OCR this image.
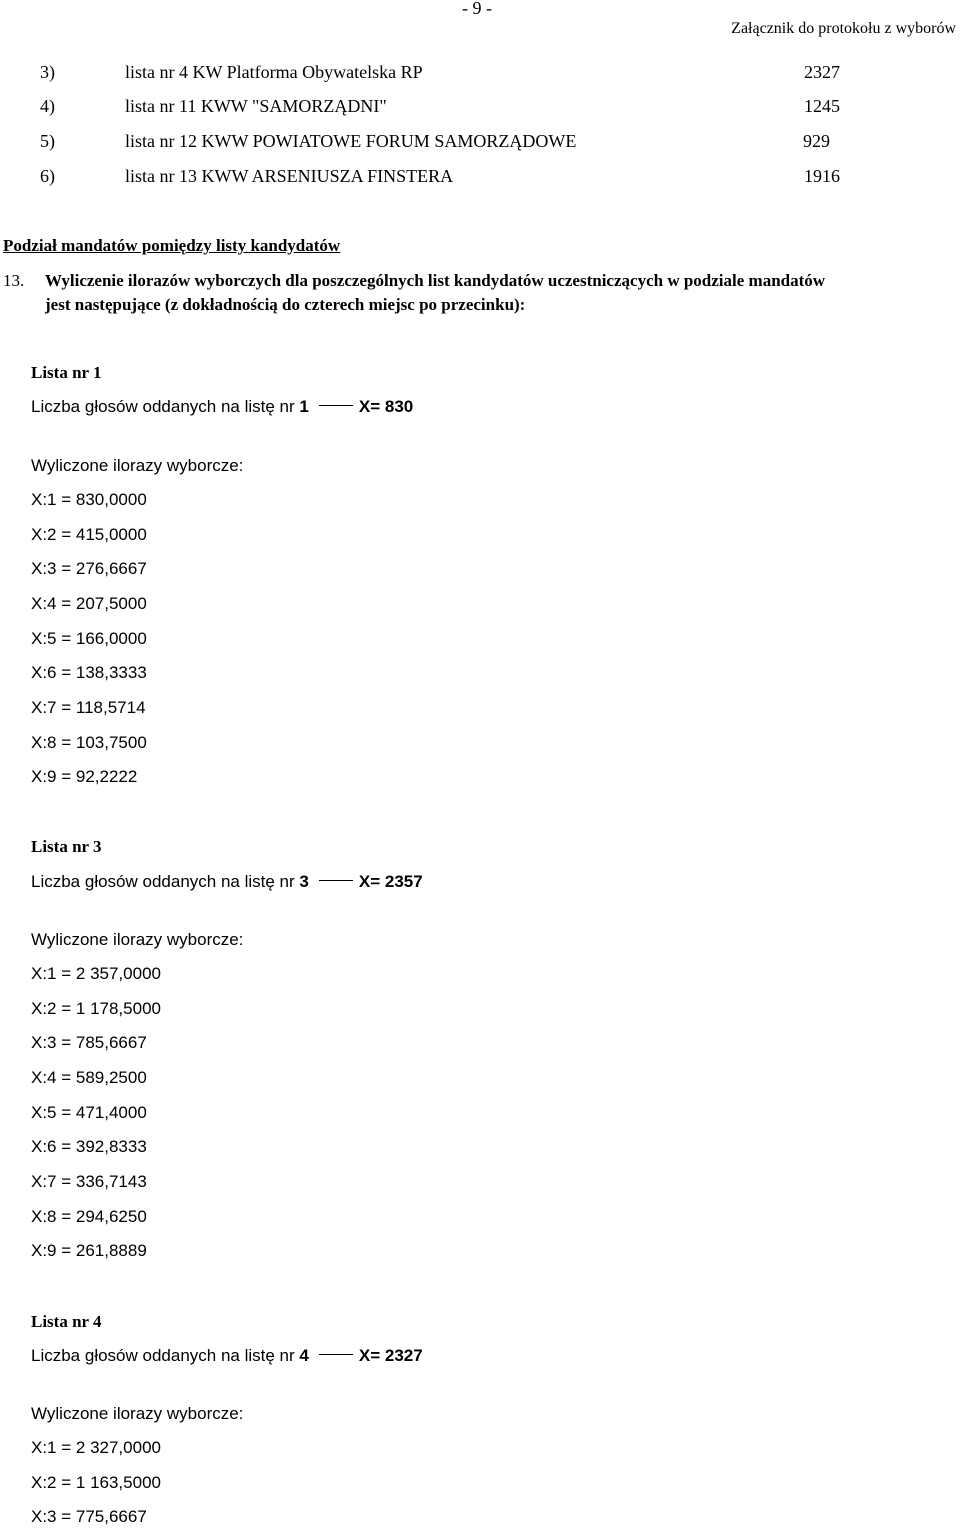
- 9 -
Załącznik do protokołu z wyborów
3)	lista nr 4 KW Platforma Obywatelska RP	2327
4)	lista nr 11 KWW "SAMORZĄDNI"	1245
5)	lista nr 12 KWW POWIATOWE FORUM SAMORZĄDOWE	929
6)	lista nr 13 KWW ARSENIUSZA FINSTERA	1916
Podział mandatów pomiędzy listy kandydatów
13. Wyliczenie ilorazów wyborczych dla poszczególnych list kandydatów uczestniczących w podziale mandatów
jest następujące (z dokładnością do czterech miejsc po przecinku):
Lista nr 1
Liczba głosów oddanych na listę nr 1	X= 830
Wyliczone ilorazy wyborcze:
X:1 = 830,0000
X:2 = 415,0000
X:3 = 276,6667
X:4 = 207,5000
X:5 = 166,0000
X:6 = 138,3333
X:7 = 118,5714
X:8 = 103,7500
X:9 = 92,2222
Lista nr 3
Liczba głosów oddanych na listę nr 3	X= 2357
Wyliczone ilorazy wyborcze:
X:1 = 2 357,0000
X:2 = 1 178,5000
X:3 = 785,6667
X:4 = 589,2500
X:5 = 471,4000
X:6 = 392,8333
X:7 = 336,7143
X:8 = 294,6250
X:9 = 261,8889
Lista nr 4
Liczba głosów oddanych na listę nr 4	X= 2327
Wyliczone ilorazy wyborcze:
X:1 = 2 327,0000
X:2 = 1 163,5000
X:3 = 775,6667
